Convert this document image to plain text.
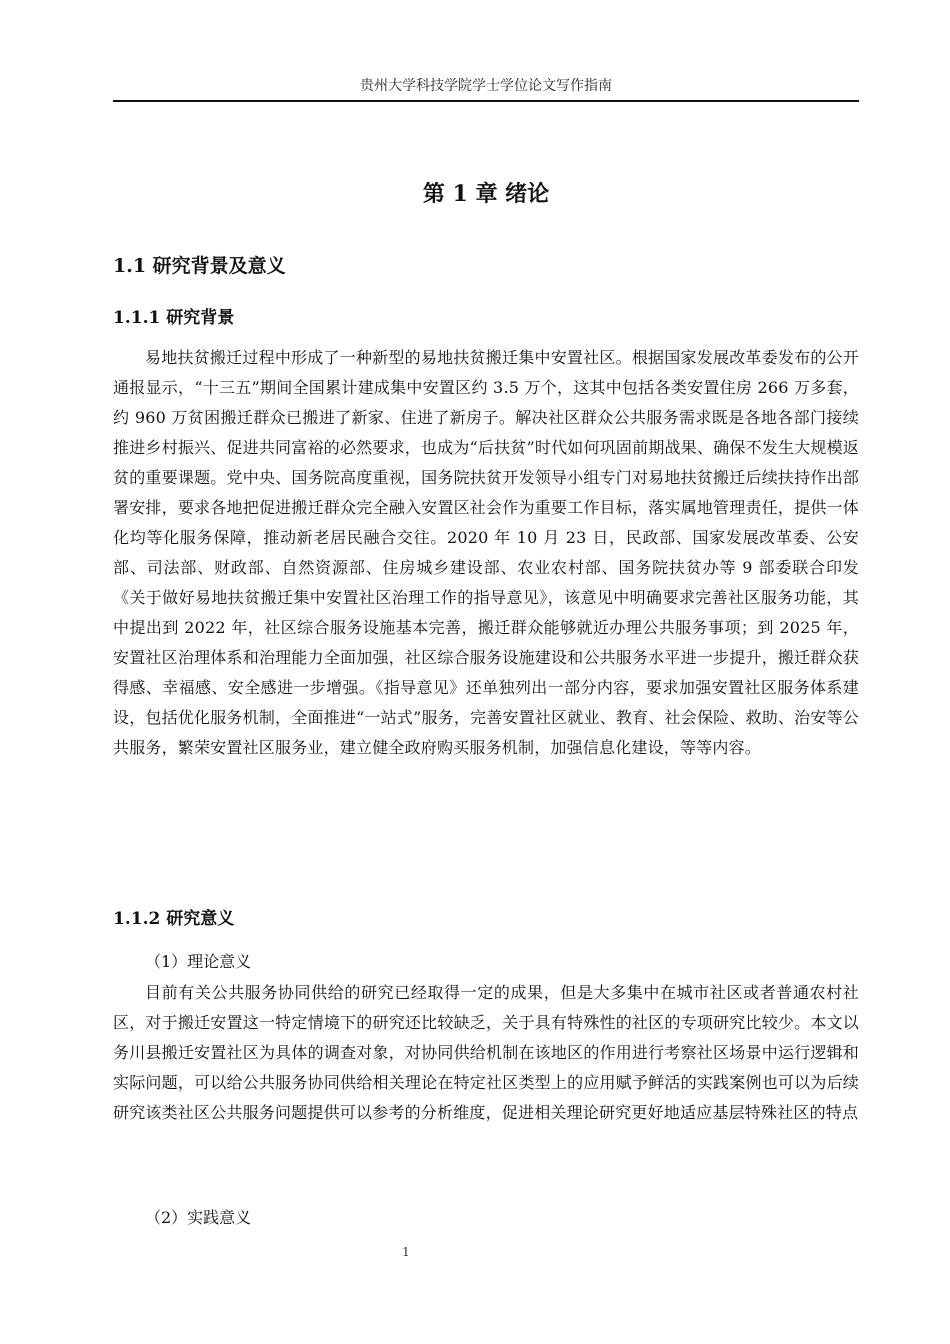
贵州大学科技学院学士学位论文写作指南
第 1 章 绪论
1.1 研究背景及意义
1.1.1 研究背景

易地扶贫搬迁过程中形成了一种新型的易地扶贫搬迁集中安置社区。根据国家发展改革委发布的公开通报显示，“十三五”期间全国累计建成集中安置区约 3.5 万个，这其中包括各类安置住房 266 万多套，约 960 万贫困搬迁群众已搬进了新家、住进了新房子。解决社区群众公共服务需求既是各地各部门接续推进乡村振兴、促进共同富裕的必然要求，也成为“后扶贫”时代如何巩固前期战果、确保不发生大规模返贫的重要课题。党中央、国务院高度重视，国务院扶贫开发领导小组专门对易地扶贫搬迁后续扶持作出部署安排，要求各地把促进搬迁群众完全融入安置区社会作为重要工作目标，落实属地管理责任，提供一体化均等化服务保障，推动新老居民融合交往。2020 年 10 月 23 日，民政部、国家发展改革委、公安部、司法部、财政部、自然资源部、住房城乡建设部、农业农村部、国务院扶贫办等 9 部委联合印发《关于做好易地扶贫搬迁集中安置社区治理工作的指导意见》，该意见中明确要求完善社区服务功能，其中提出到 2022 年，社区综合服务设施基本完善，搬迁群众能够就近办理公共服务事项；到 2025 年，安置社区治理体系和治理能力全面加强，社区综合服务设施建设和公共服务水平进一步提升，搬迁群众获得感、幸福感、安全感进一步增强。《指导意见》还单独列出一部分内容，要求加强安置社区服务体系建设，包括优化服务机制，全面推进“一站式”服务，完善安置社区就业、教育、社会保险、救助、治安等公共服务，繁荣安置社区服务业，建立健全政府购买服务机制，加强信息化建设，等等内容。

1.1.2 研究意义
（1）理论意义

目前有关公共服务协同供给的研究已经取得一定的成果，但是大多集中在城市社区或者普通农村社区，对于搬迁安置这一特定情境下的研究还比较缺乏，关于具有特殊性的社区的专项研究比较少。本文以务川县搬迁安置社区为具体的调查对象，对协同供给机制在该地区的作用进行考察社区场景中运行逻辑和实际问题，可以给公共服务协同供给相关理论在特定社区类型上的应用赋予鲜活的实践案例也可以为后续研究该类社区公共服务问题提供可以参考的分析维度，促进相关理论研究更好地适应基层特殊社区的特点

（2）实践意义
1
